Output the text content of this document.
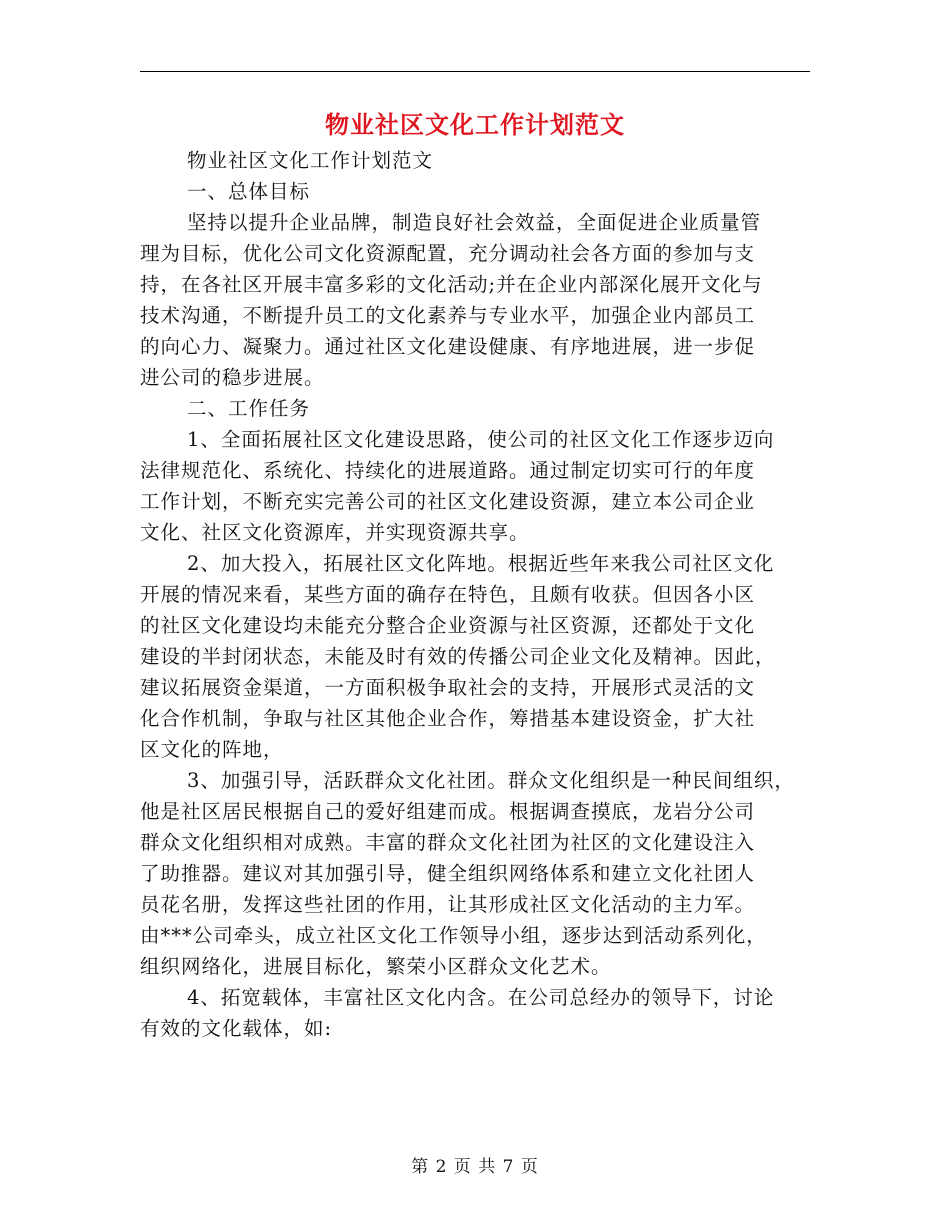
物业社区文化工作计划范文
物业社区文化工作计划范文
一、总体目标
坚持以提升企业品牌，制造良好社会效益，全面促进企业质量管
理为目标，优化公司文化资源配置，充分调动社会各方面的参加与支
持，在各社区开展丰富多彩的文化活动;并在企业内部深化展开文化与
技术沟通，不断提升员工的文化素养与专业水平，加强企业内部员工
的向心力、凝聚力。通过社区文化建设健康、有序地进展，进一步促
进公司的稳步进展。
二、工作任务
1、全面拓展社区文化建设思路，使公司的社区文化工作逐步迈向
法律规范化、系统化、持续化的进展道路。通过制定切实可行的年度
工作计划，不断充实完善公司的社区文化建设资源，建立本公司企业
文化、社区文化资源库，并实现资源共享。
2、加大投入，拓展社区文化阵地。根据近些年来我公司社区文化
开展的情况来看，某些方面的确存在特色，且颇有收获。但因各小区
的社区文化建设均未能充分整合企业资源与社区资源，还都处于文化
建设的半封闭状态，未能及时有效的传播公司企业文化及精神。因此，
建议拓展资金渠道，一方面积极争取社会的支持，开展形式灵活的文
化合作机制，争取与社区其他企业合作，筹措基本建设资金，扩大社
区文化的阵地，
3、加强引导，活跃群众文化社团。群众文化组织是一种民间组织，
他是社区居民根据自己的爱好组建而成。根据调查摸底，龙岩分公司
群众文化组织相对成熟。丰富的群众文化社团为社区的文化建设注入
了助推器。建议对其加强引导，健全组织网络体系和建立文化社团人
员花名册，发挥这些社团的作用，让其形成社区文化活动的主力军。
由***公司牵头，成立社区文化工作领导小组，逐步达到活动系列化，
组织网络化，进展目标化，繁荣小区群众文化艺术。
4、拓宽载体，丰富社区文化内含。在公司总经办的领导下，讨论
有效的文化载体，如:
第 2 页 共 7 页
